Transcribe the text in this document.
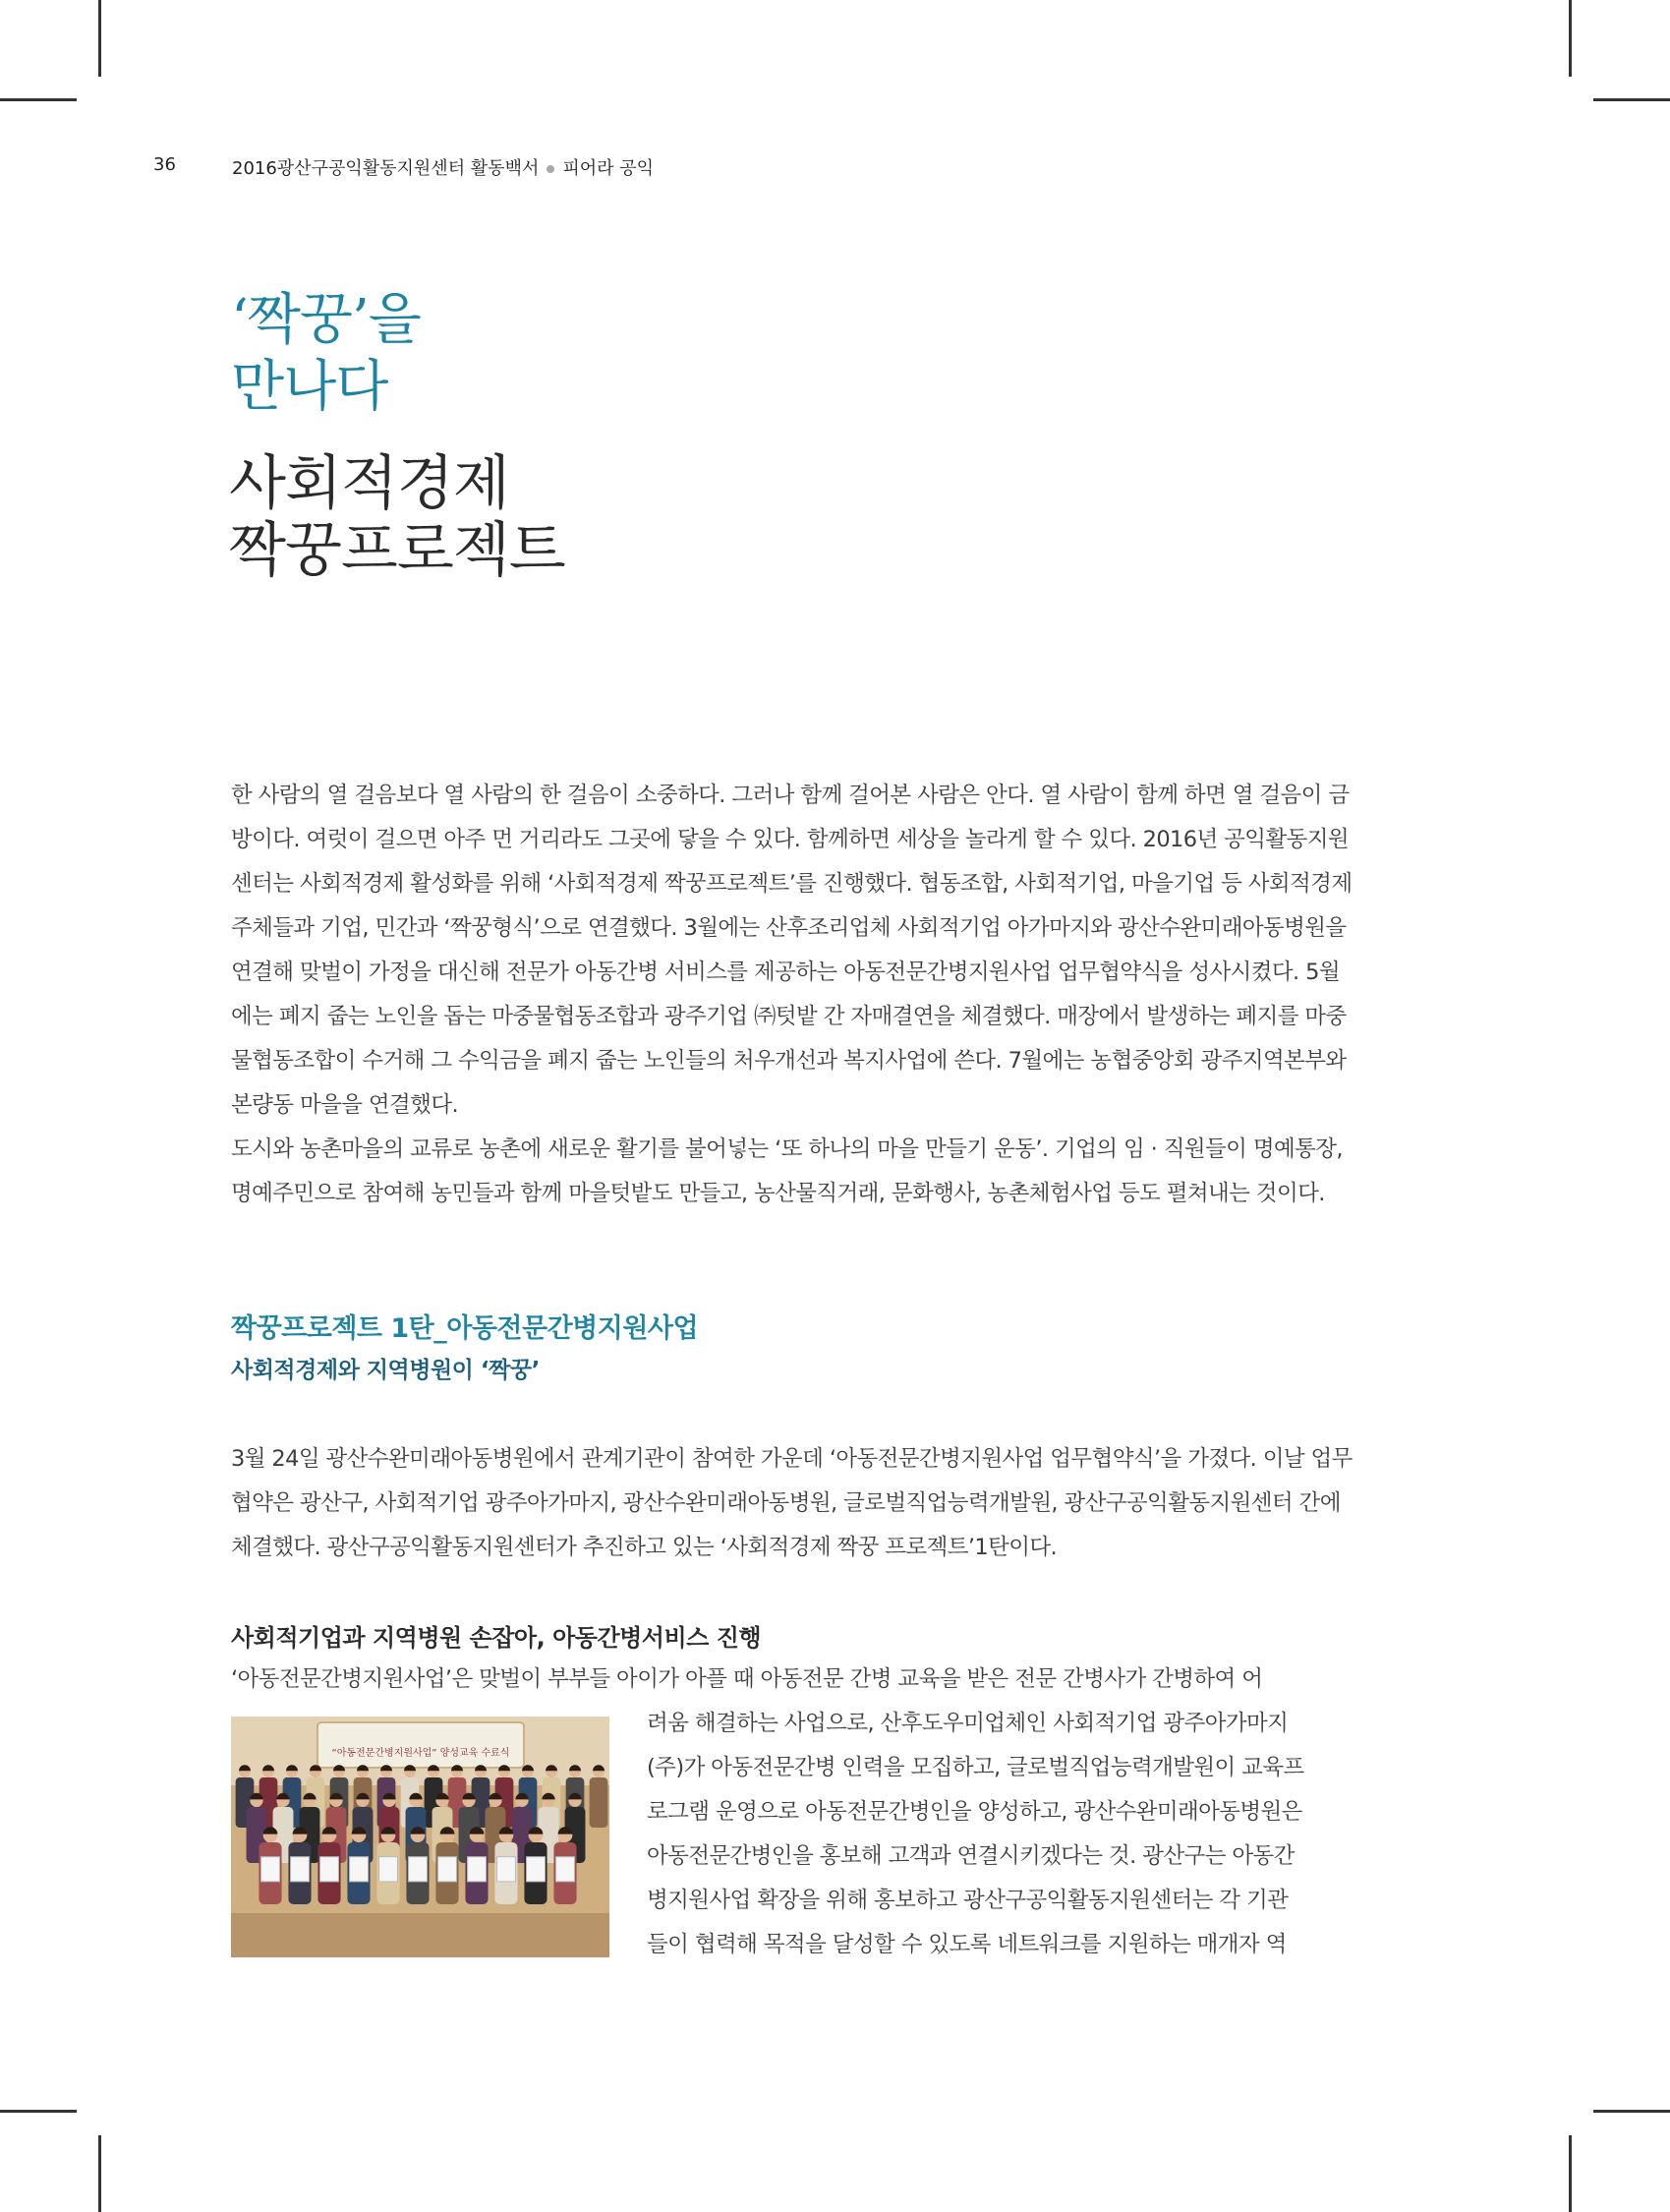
36	2016광산구공익활동지원센터 활동백서 피어라 공익
‘짝꿍’을
만나다
사회적경제
짝꿍프로젝트

한 사람의 열 걸음보다 열 사람의 한 걸음이 소중하다. 그러나 함께 걸어본 사람은 안다. 열 사람이 함께 하면 열 걸음이 금방이다. 여럿이 걸으면 아주 먼 거리라도 그곳에 닿을 수 있다. 함께하면 세상을 놀라게 할 수 있다. 2016년 공익활동지원센터는 사회적경제 활성화를 위해 ‘사회적경제 짝꿍프로젝트’를 진행했다. 협동조합, 사회적기업, 마을기업 등 사회적경제 주체들과 기업, 민간과 ‘짝꿍형식’으로 연결했다. 3월에는 산후조리업체 사회적기업 아가마지와 광산수완미래아동병원을 연결해 맞벌이 가정을 대신해 전문가 아동간병 서비스를 제공하는 아동전문간병지원사업 업무협약식을 성사시켰다. 5월에는 폐지 줍는 노인을 돕는 마중물협동조합과 광주기업 ㈜텃밭 간 자매결연을 체결했다. 매장에서 발생하는 폐지를 마중물협동조합이 수거해 그 수익금을 폐지 줍는 노인들의 처우개선과 복지사업에 쓴다. 7월에는 농협중앙회 광주지역본부와 본량동 마을을 연결했다.

도시와 농촌마을의 교류로 농촌에 새로운 활기를 불어넣는 ‘또 하나의 마을 만들기 운동’. 기업의 임 · 직원들이 명예통장, 명예주민으로 참여해 농민들과 함께 마을텃밭도 만들고, 농산물직거래, 문화행사, 농촌체험사업 등도 펼쳐내는 것이다.

짝꿍프로젝트 1탄_아동전문간병지원사업
사회적경제와 지역병원이 ‘짝꿍’

3월 24일 광산수완미래아동병원에서 관계기관이 참여한 가운데 ‘아동전문간병지원사업 업무협약식’을 가졌다. 이날 업무 협약은 광산구, 사회적기업 광주아가마지, 광산수완미래아동병원, 글로벌직업능력개발원, 광산구공익활동지원센터 간에 체결했다. 광산구공익활동지원센터가 추진하고 있는 ‘사회적경제 짝꿍 프로젝트’1탄이다.

사회적기업과 지역병원 손잡아, 아동간병서비스 진행
‘아동전문간병지원사업’은 맞벌이 부부들 아이가 아플 때 아동전문 간병 교육을 받은 전문 간병사가 간병하여 어
려움 해결하는 사업으로, 산후도우미업체인 사회적기업 광주아가마지
(주)가 아동전문간병 인력을 모집하고, 글로벌직업능력개발원이 교육프
로그램 운영으로 아동전문간병인을 양성하고, 광산수완미래아동병원은
아동전문간병인을 홍보해 고객과 연결시키겠다는 것. 광산구는 아동간
병지원사업 확장을 위해 홍보하고 광산구공익활동지원센터는 각 기관
들이 협력해 목적을 달성할 수 있도록 네트워크를 지원하는 매개자 역
“아동전문간병지원사업” 양성교육 수료식
